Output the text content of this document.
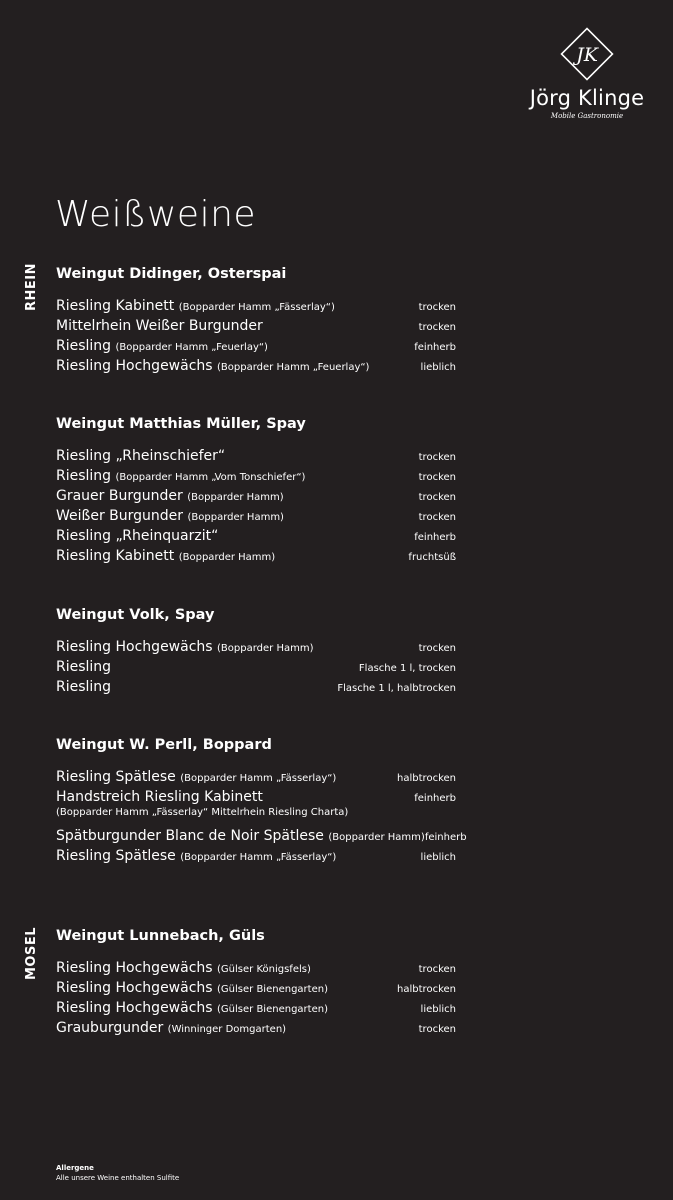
JK
Jörg Klinge
Mobile Gastronomie
Weißweine
RHEIN
MOSEL
Weingut Didinger, Osterspai
Riesling Kabinett (Bopparder Hamm „Fässerlay“)	trocken
Mittelrhein Weißer Burgunder	trocken
Riesling (Bopparder Hamm „Feuerlay“)	feinherb
Riesling Hochgewächs (Bopparder Hamm „Feuerlay“)	lieblich
Weingut Matthias Müller, Spay
Riesling „Rheinschiefer“	trocken
Riesling (Bopparder Hamm „Vom Tonschiefer“)	trocken
Grauer Burgunder (Bopparder Hamm)	trocken
Weißer Burgunder (Bopparder Hamm)	trocken
Riesling „Rheinquarzit“	feinherb
Riesling Kabinett (Bopparder Hamm)	fruchtsüß
Weingut Volk, Spay
Riesling Hochgewächs (Bopparder Hamm)	trocken
Riesling	Flasche 1 l, trocken
Riesling	Flasche 1 l, halbtrocken
Weingut W. Perll, Boppard
Riesling Spätlese (Bopparder Hamm „Fässerlay“)	halbtrocken
Handstreich Riesling Kabinett	feinherb
(Bopparder Hamm „Fässerlay“ Mittelrhein Riesling Charta)
Spätburgunder Blanc de Noir Spätlese (Bopparder Hamm) feinherb
Riesling Spätlese (Bopparder Hamm „Fässerlay“)	lieblich
Weingut Lunnebach, Güls
Riesling Hochgewächs (Gülser Königsfels)	trocken
Riesling Hochgewächs (Gülser Bienengarten)	halbtrocken
Riesling Hochgewächs (Gülser Bienengarten)	lieblich
Grauburgunder (Winninger Domgarten)	trocken
Allergene
Alle unsere Weine enthalten Sulfite
